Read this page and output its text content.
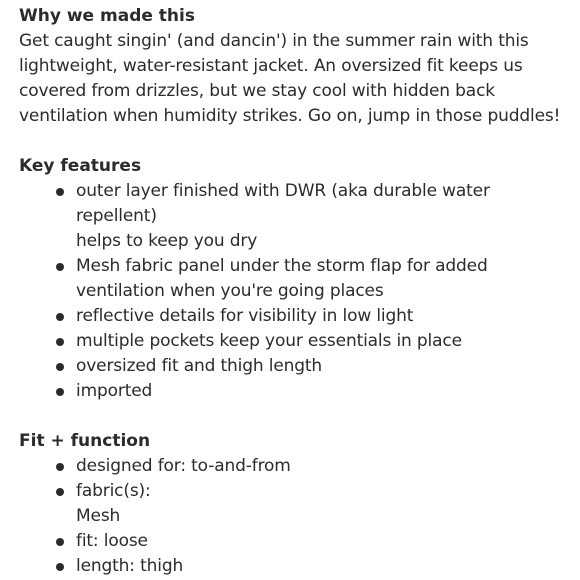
Why we made this

Get caught singin' (and dancin') in the summer rain with this
lightweight, water-resistant jacket. An oversized fit keeps us
covered from drizzles, but we stay cool with hidden back
ventilation when humidity strikes. Go on, jump in those puddles!

Key features
outer layer finished with DWR (aka durable water repellent)
helps to keep you dry
Mesh fabric panel under the storm flap for added
ventilation when you're going places
reflective details for visibility in low light
multiple pockets keep your essentials in place
oversized fit and thigh length
imported
Fit + function
designed for: to-and-from
fabric(s):
Mesh
fit: loose
length: thigh
